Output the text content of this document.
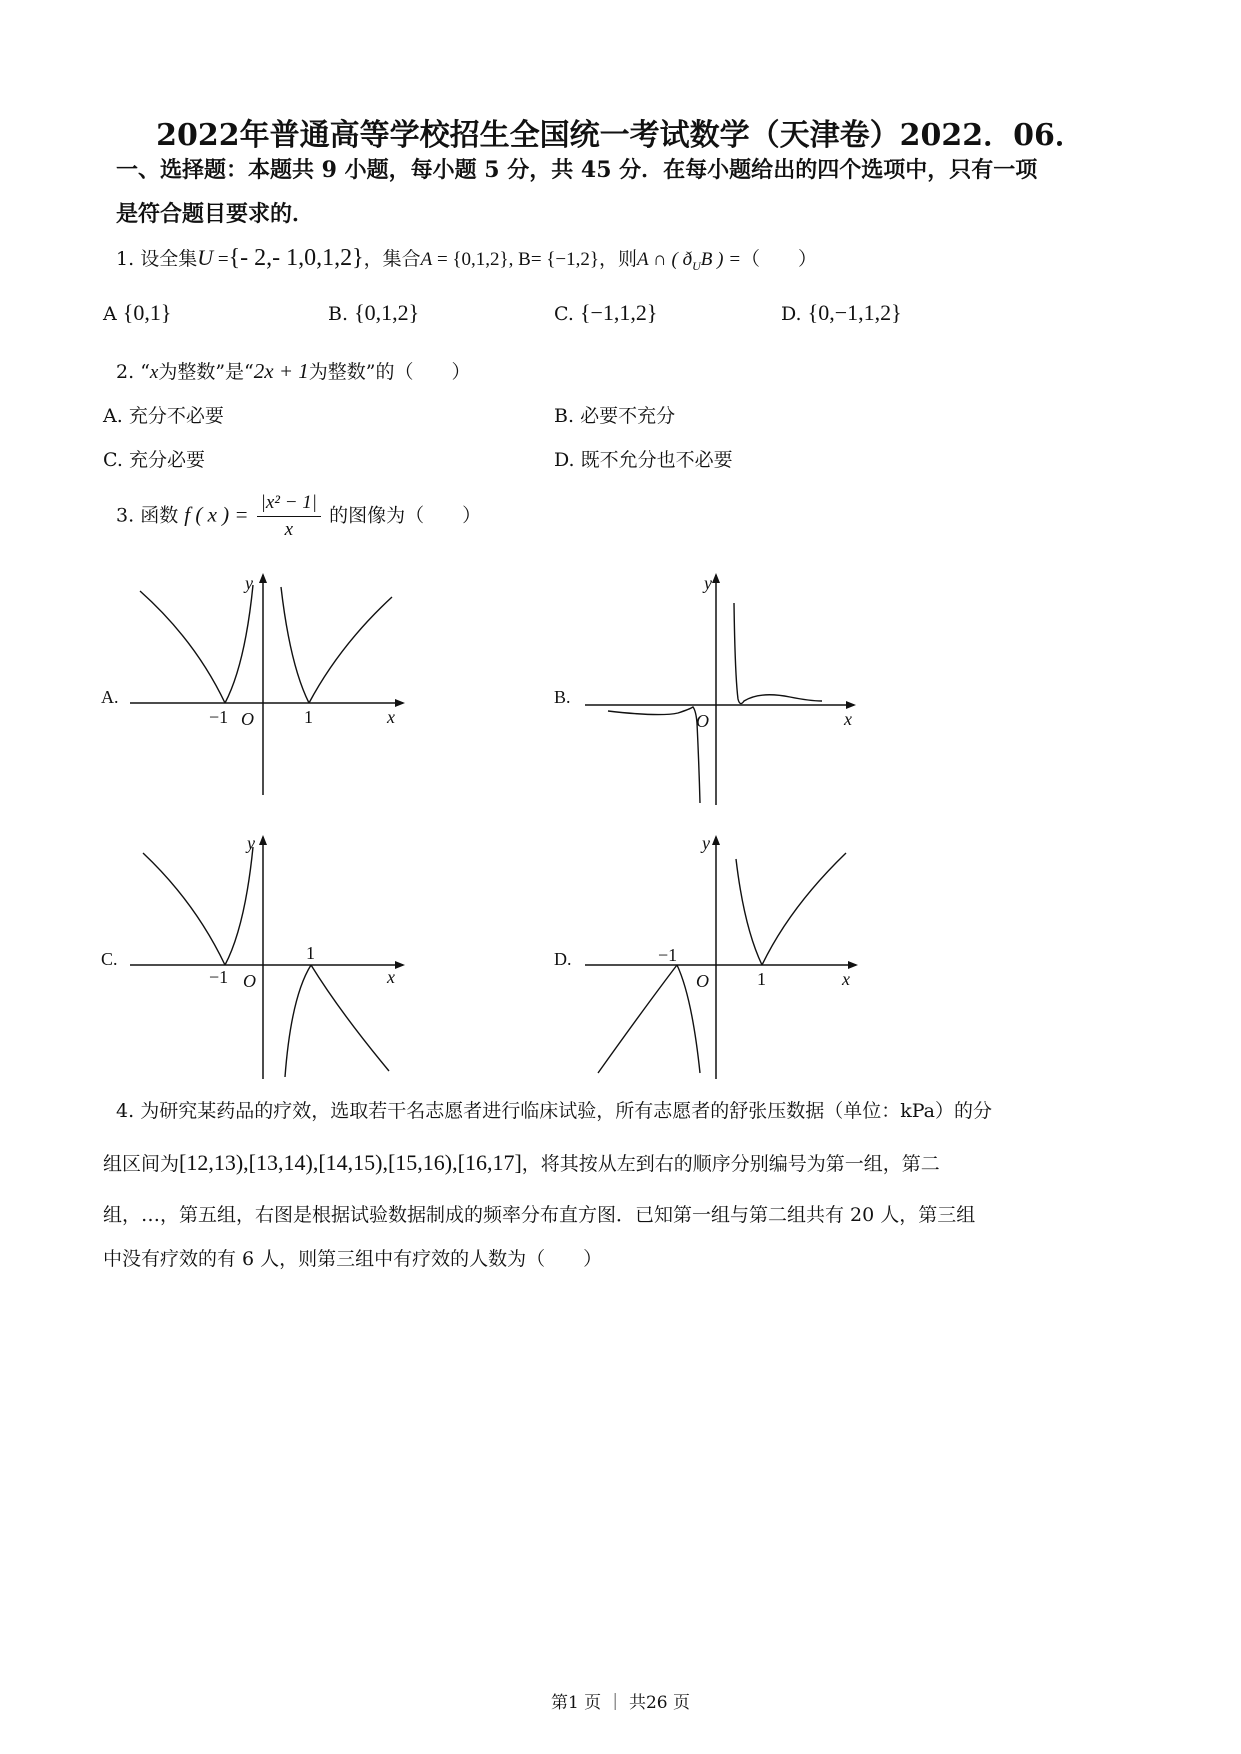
2022年普通高等学校招生全国统一考试数学（天津卷）2022．06．
一、选择题：本题共 9 小题，每小题 5 分，共 45 分．在每小题给出的四个选项中，只有一项
是符合题目要求的．
1. 设全集U ={- 2,- 1,0,1,2}，集合A = {0,1,2}, B= {−1,2}，则A ∩ ( $ð_UB$ ) =（　　）
A {0,1}	B. {0,1,2}	C. {−1,1,2}	D. {0,−1,1,2}
2. “x为整数”是“2x + 1为整数”的（　　）
A. 充分不必要	B. 必要不充分
C. 充分必要	D. 既不允分也不必要
3. 函数 f ( x ) = $\frac{\text{|x² − 1|}}{x}$ 的图像为（　　）
A.
y
x
O
−1	1
B.
y
x
O
C.
y
x
O
−1
1	D.
y
x
O
−1
1
4. 为研究某药品的疗效，选取若干名志愿者进行临床试验，所有志愿者的舒张压数据（单位：kPa）的分
组区间为[12,13),[13,14),[14,15),[15,16),[16,17]，将其按从左到右的顺序分别编号为第一组，第二
组，…，第五组，右图是根据试验数据制成的频率分布直方图．已知第一组与第二组共有 20 人，第三组
中没有疗效的有 6 人，则第三组中有疗效的人数为（　　）
第1 页 ｜ 共26 页
